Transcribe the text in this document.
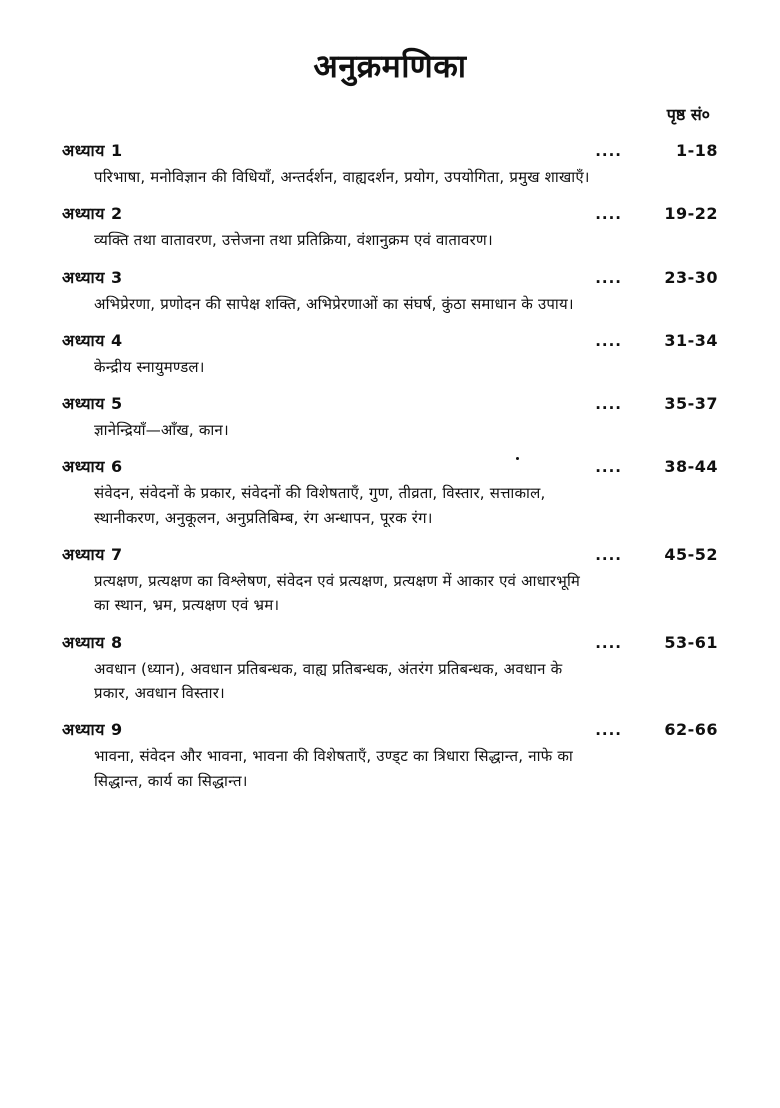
अनुक्रमणिका
पृष्ठ सं०
अध्याय 1	....	1-18
परिभाषा, मनोविज्ञान की विधियाँ, अन्तर्दर्शन, वाह्यदर्शन, प्रयोग, उपयोगिता, प्रमुख शाखाएँ।
अध्याय 2	....	19-22
व्यक्ति तथा वातावरण, उत्तेजना तथा प्रतिक्रिया, वंशानुक्रम एवं वातावरण।
अध्याय 3	....	23-30
अभिप्रेरणा, प्रणोदन की सापेक्ष शक्ति, अभिप्रेरणाओं का संघर्ष, कुंठा समाधान के उपाय।
अध्याय 4	....	31-34
केन्द्रीय स्नायुमण्डल।
अध्याय 5	....	35-37
ज्ञानेन्द्रियाँ—आँख, कान।
अध्याय 6	....	38-44
संवेदन, संवेदनों के प्रकार, संवेदनों की विशेषताएँ, गुण, तीव्रता, विस्तार, सत्ताकाल, स्थानीकरण, अनुकूलन, अनुप्रतिबिम्ब, रंग अन्धापन, पूरक रंग।
अध्याय 7	....	45-52
प्रत्यक्षण, प्रत्यक्षण का विश्लेषण, संवेदन एवं प्रत्यक्षण, प्रत्यक्षण में आकार एवं आधारभूमि का स्थान, भ्रम, प्रत्यक्षण एवं भ्रम।
अध्याय 8	....	53-61
अवधान (ध्यान), अवधान प्रतिबन्धक, वाह्य प्रतिबन्धक, अंतरंग प्रतिबन्धक, अवधान के प्रकार, अवधान विस्तार।
अध्याय 9	....	62-66
भावना, संवेदन और भावना, भावना की विशेषताएँ, उण्ड्ट का त्रिधारा सिद्धान्त, नाफे का सिद्धान्त, कार्य का सिद्धान्त।
